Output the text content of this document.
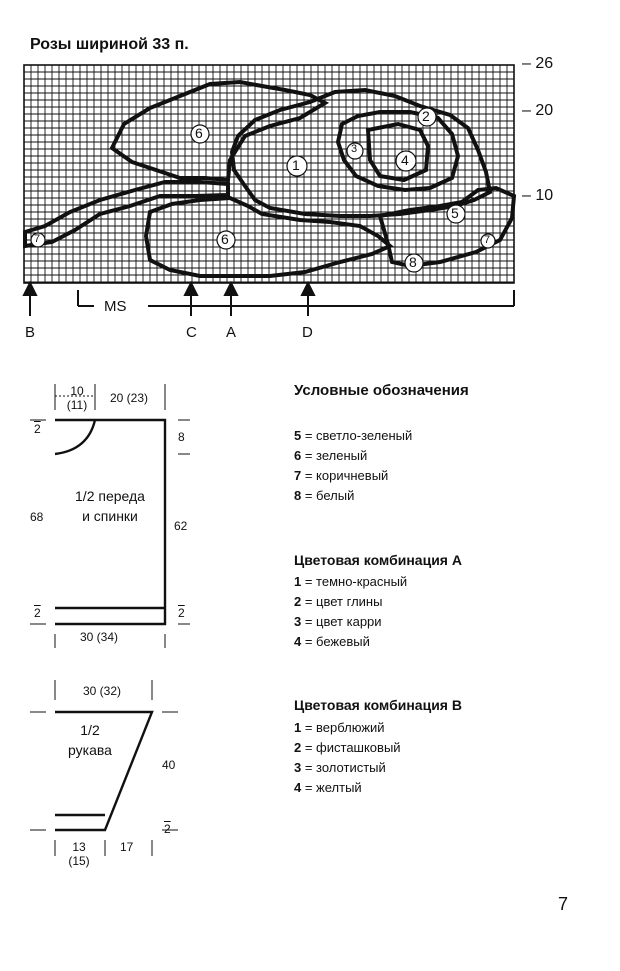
Розы шириной 33 п.
6
1
2
3
4
5
6
7	7
8
– 26
– 20
– 10
MS
B	C A	D
10
(11) 20 (23)
8
68
62
30 (34)
2
2	2
1/2 переда
и спинки
30 (32)
40
2
13
(15)
17
1/2
рукава
Условные обозначения
5 = светло-зеленый
6 = зеленый
7 = коричневый
8 = белый
Цветовая комбинация А
1 = темно-красный
2 = цвет глины
3 = цвет карри
4 = бежевый
Цветовая комбинация В
1 = верблюжий
2 = фисташковый
3 = золотистый
4 = желтый
7
